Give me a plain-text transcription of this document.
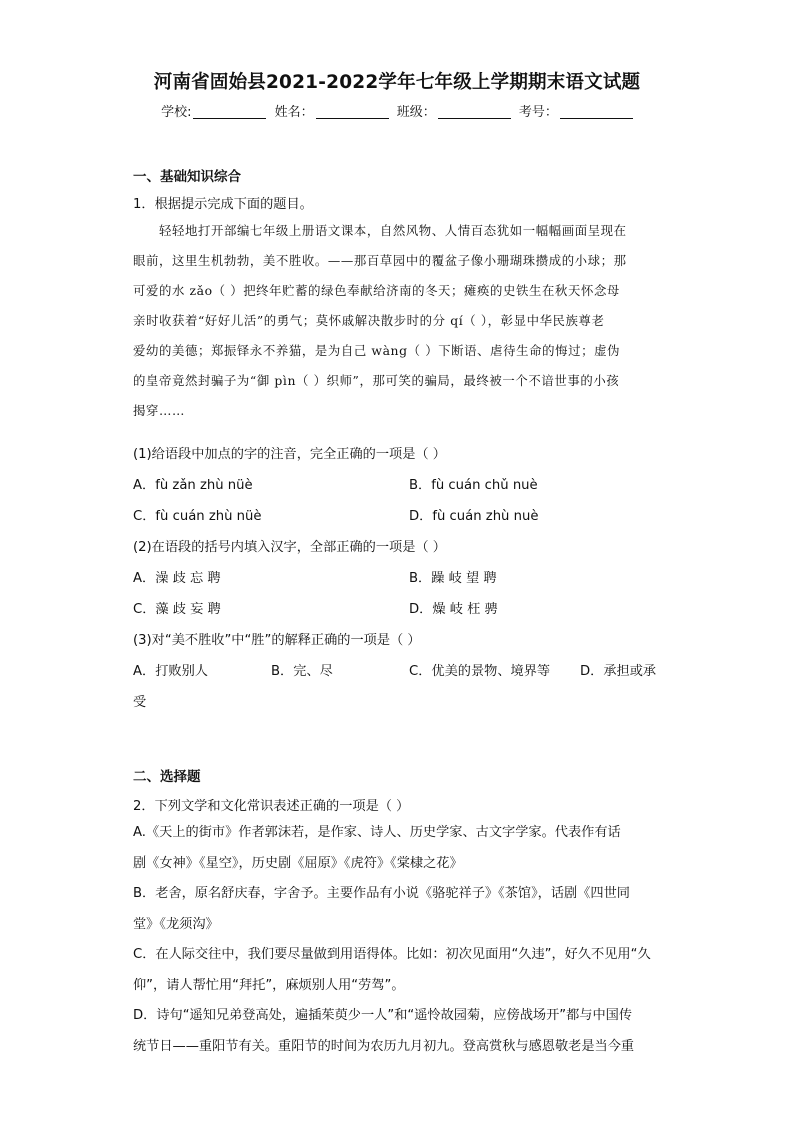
河南省固始县2021-2022学年七年级上学期期末语文试题
学校:	姓名：	班级：	考号：
一、基础知识综合
1．根据提示完成下面的题目。
轻轻地打开部编七年级上册语文课本，自然风物、人情百态犹如一幅幅画面呈现在
眼前，这里生机勃勃，美不胜收。——那百草园中的覆盆子像小珊瑚珠攒成的小球；那
可爱的水 zǎo（ ）把终年贮蓄的绿色奉献给济南的冬天；瘫痪的史铁生在秋天怀念母
亲时收获着“好好儿活”的勇气；莫怀戚解决散步时的分 qí（ ），彰显中华民族尊老
爱幼的美德；郑振铎永不养猫，是为自己 wàng（ ）下断语、虐待生命的悔过；虚伪
的皇帝竟然封骗子为“御 pìn（ ）织师”，那可笑的骗局，最终被一个不谙世事的小孩
揭穿……
(1)给语段中加点的字的注音，完全正确的一项是（ ）
A．fù zǎn zhù nüè	B．fù cuán chǔ nuè
C．fù cuán zhù nüè	D．fù cuán zhù nuè
(2)在语段的括号内填入汉字，全部正确的一项是（ ）
A．澡 歧 忘 聘	B．躁 岐 望 聘
C．藻 歧 妄 聘	D．燥 岐 枉 骋
(3)对“美不胜收”中“胜”的解释正确的一项是（ ）
A．打败别人	B．完、尽	C．优美的景物、境界等 D．承担或承
受
二、选择题
2．下列文学和文化常识表述正确的一项是（ ）
A.《天上的街市》作者郭沫若，是作家、诗人、历史学家、古文字学家。代表作有话
剧《女神》《星空》，历史剧《屈原》《虎符》《棠棣之花》
B．老舍，原名舒庆春，字舍予。主要作品有小说《骆驼祥子》《茶馆》，话剧《四世同
堂》《龙须沟》
C．在人际交往中，我们要尽量做到用语得体。比如：初次见面用“久违”，好久不见用“久
仰”，请人帮忙用“拜托”，麻烦别人用“劳驾”。
D．诗句“遥知兄弟登高处，遍插茱萸少一人”和“遥怜故园菊，应傍战场开”都与中国传
统节日——重阳节有关。重阳节的时间为农历九月初九。登高赏秋与感恩敬老是当今重
